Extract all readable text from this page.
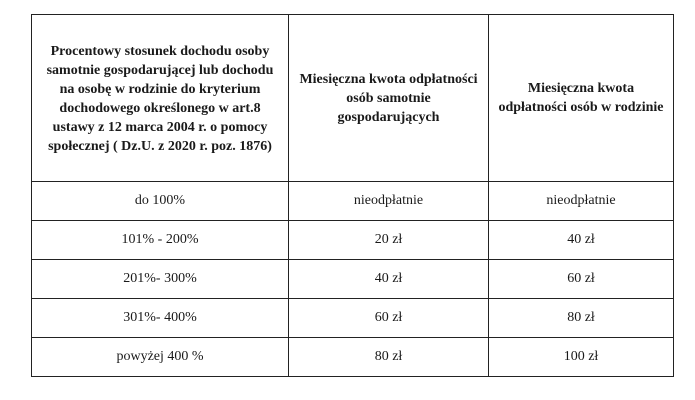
Procentowy stosunek dochodu osoby samotnie gospodarującej lub dochodu na osobę w rodzinie do kryterium dochodowego określonego w art.8 ustawy z 12 marca 2004 r. o pomocy społecznej ( Dz.U. z 2020 r. poz. 1876)	Miesięczna kwota odpłatności osób samotnie gospodarujących	Miesięczna kwota odpłatności osób w rodzinie
do 100%	nieodpłatnie	nieodpłatnie
101% - 200%	20 zł	40 zł
201%- 300%	40 zł	60 zł
301%- 400%	60 zł	80 zł
powyżej 400 %	80 zł	100 zł
